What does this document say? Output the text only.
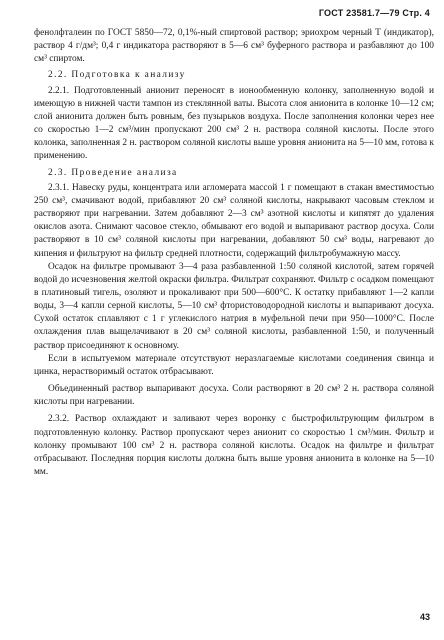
ГОСТ 23581.7—79 Стр. 4

фенолфталеин по ГОСТ 5850—72, 0,1%-ный спиртовой раствор; эриохром черный Т (индикатор), раствор 4 г/дм³; 0,4 г индикатора растворяют в 5—6 см³ буферного раствора и разбавляют до 100 см³ спиртом.

2.2. Подготовка к анализу

2.2.1. Подготовленный анионит переносят в ионообменную колонку, заполненную водой и имеющую в нижней части тампон из стеклянной ваты. Высота слоя анионита в колонке 10—12 см; слой анионита должен быть ровным, без пузырьков воздуха. После заполнения колонки через нее со скоростью 1—2 см³/мин пропускают 200 см³ 2 н. раствора соляной кислоты. После этого колонка, заполненная 2 н. раствором соляной кислоты выше уровня анионита на 5—10 мм, готова к применению.

2.3. Проведение анализа

2.3.1. Навеску руды, концентрата или агломерата массой 1 г помещают в стакан вместимостью 250 см³, смачивают водой, прибавляют 20 см³ соляной кислоты, накрывают часовым стеклом и растворяют при нагревании. Затем добавляют 2—3 см³ азотной кислоты и кипятят до удаления окислов азота. Снимают часовое стекло, обмывают его водой и выпаривают раствор досуха. Соли растворяют в 10 см³ соляной кислоты при нагревании, добавляют 50 см³ воды, нагревают до кипения и фильтруют на фильтр средней плотности, содержащий фильтробумажную массу.

Осадок на фильтре промывают 3—4 раза разбавленной 1:50 соляной кислотой, затем горячей водой до исчезновения желтой окраски фильтра. Фильтрат сохраняют. Фильтр с осадком помещают в платиновый тигель, озоляют и прокаливают при 500—600°С. К остатку прибавляют 1—2 капли воды, 3—4 капли серной кислоты, 5—10 см³ фтористоводородной кислоты и выпаривают досуха. Сухой остаток сплавляют с 1 г углекислого натрия в муфельной печи при 950—1000°С. После охлаждения плав выщелачивают в 20 см³ соляной кислоты, разбавленной 1:50, и полученный раствор присоединяют к основному.

Если в испытуемом материале отсутствуют неразлагаемые кислотами соединения свинца и цинка, нерастворимый остаток отбрасывают.

Объединенный раствор выпаривают досуха. Соли растворяют в 20 см³ 2 н. раствора соляной кислоты при нагревании.

2.3.2. Раствор охлаждают и заливают через воронку с быстрофильтрующим фильтром в подготовленную колонку. Раствор пропускают через анионит со скоростью 1 см³/мин. Фильтр и колонку промывают 100 см³ 2 н. раствора соляной кислоты. Осадок на фильтре и фильтрат отбрасывают. Последняя порция кислоты должна быть выше уровня анионита в колонке на 5—10 мм.

43
